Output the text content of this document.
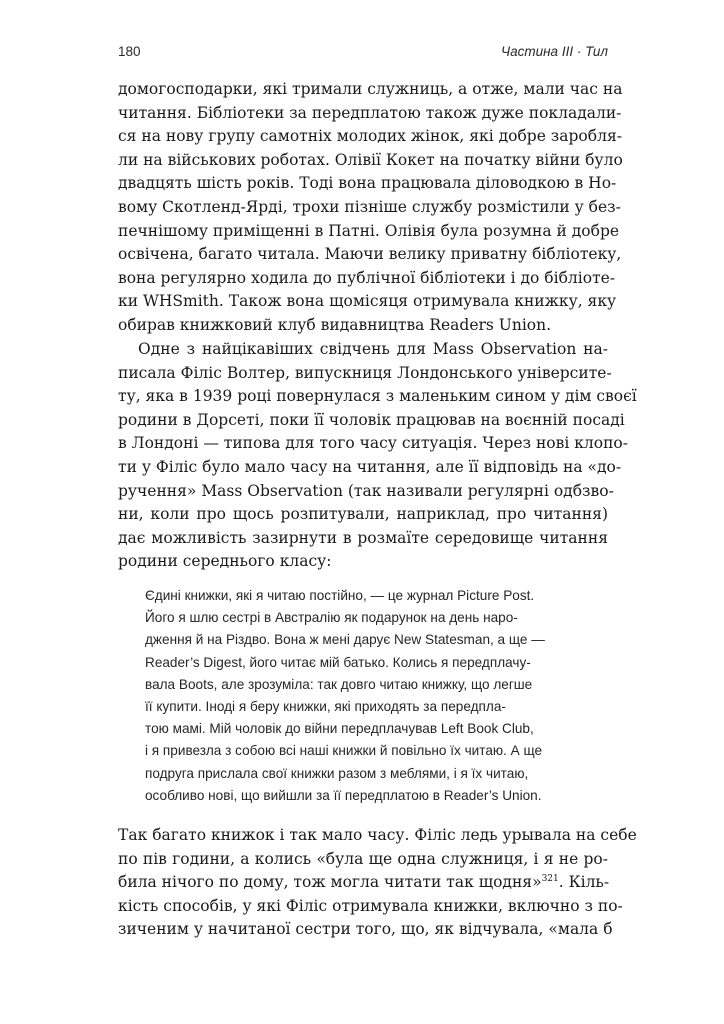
180	Частина III · Тил
домогосподарки, які тримали служниць, а отже, мали час на
читання. Бібліотеки за передплатою також дуже покладали-
ся на нову групу самотніх молодих жінок, які добре заробля-
ли на військових роботах. Олівії Кокет на початку війни було
двадцять шість років. Тоді вона працювала діловодкою в Но-
вому Скотленд-Ярді, трохи пізніше службу розмістили у без-
печнішому приміщенні в Патні. Олівія була розумна й добре
освічена, багато читала. Маючи велику приватну бібліотеку,
вона регулярно ходила до публічної бібліотеки і до бібліоте-
ки WHSmith. Також вона щомісяця отримувала книжку, яку
обирав книжковий клуб видавництва Readers Union.
Одне з найцікавіших свідчень для Mass Observation на-
писала Філіс Волтер, випускниця Лондонського університе-
ту, яка в 1939 році повернулася з маленьким сином у дім своєї
родини в Дорсеті, поки її чоловік працював на воєнній посаді
в Лондоні — типова для того часу ситуація. Через нові клопо-
ти у Філіс було мало часу на читання, але її відповідь на «до-
ручення» Mass Observation (так називали регулярні одбзво-
ни, коли про щось розпитували, наприклад, про читання)
дає можливість зазирнути в розмаїте середовище читання
родини середнього класу:
Єдині книжки, які я читаю постійно, — це журнал Picture Post.
Його я шлю сестрі в Австралію як подарунок на день наро-
дження й на Різдво. Вона ж мені дарує New Statesman, а ще —
Reader’s Digest, його читає мій батько. Колись я передплачу-
вала Boots, але зрозуміла: так довго читаю книжку, що легше
її купити. Іноді я беру книжки, які приходять за передпла-
тою мамі. Мій чоловік до війни передплачував Left Book Club,
і я привезла з собою всі наші книжки й повільно їх читаю. А ще
подруга прислала свої книжки разом з меблями, і я їх читаю,
особливо нові, що вийшли за її передплатою в Reader’s Union.
Так багато книжок і так мало часу. Філіс ледь урывала на себе
по пів години, а колись «була ще одна служниця, і я не ро-
била нічого по дому, тож могла читати так щодня»$^{321}$. Кіль-
кість способів, у які Філіс отримувала книжки, включно з по-
зиченим у начитаної сестри того, що, як відчувала, «мала б
